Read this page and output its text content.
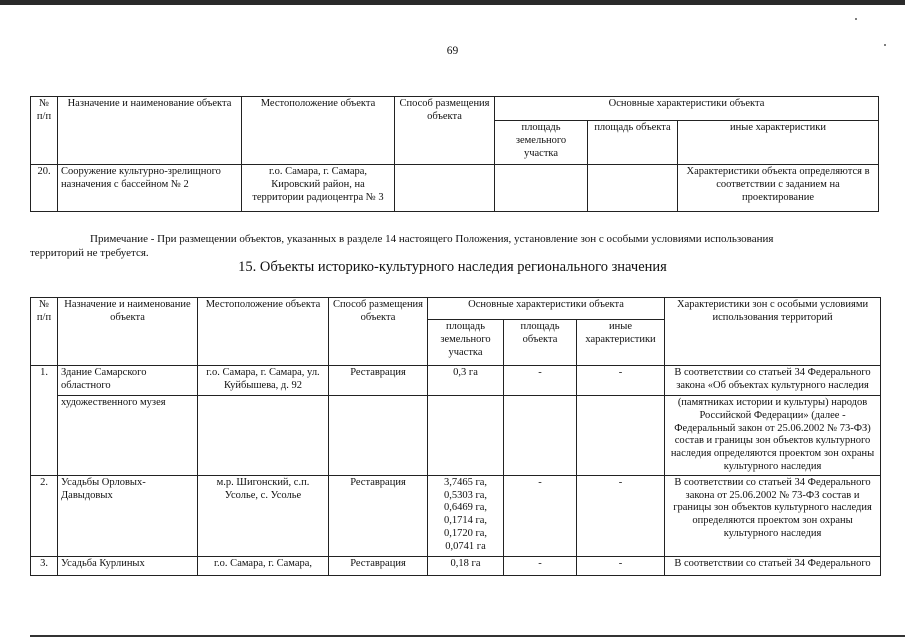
69
№ п/п	Назначение и наименование объекта	Местоположение объекта	Способ размещения объекта	Основные характеристики объекта		
				площадь земельного участка	площадь объекта	иные характеристики
20.	Сооружение культурно-зрелищного назначения с бассейном № 2	г.о. Самара, г. Самара, Кировский район, на территории радиоцентра № 3				Характеристики объекта определяются в соответствии с заданием на проектирование
Примечание - При размещении объектов, указанных в разделе 14 настоящего Положения, установление зон с особыми условиями использования
территорий не требуется.
15. Объекты историко-культурного наследия регионального значения
№ п/п	Назначение и наименование объекта	Местоположение объекта	Способ размещения объекта	Основные характеристики объекта			Характеристики зон с особыми условиями использования территорий
				площадь земельного участка	площадь объекта	иные характеристики	
1.	Здание Самарского областного	г.о. Самара, г. Самара, ул. Куйбышева, д. 92	Реставрация	0,3 га	-	-	В соответствии со статьей 34 Федерального закона «Об объектах культурного наследия
	художественного музея						(памятниках истории и культуры) народов Российской Федерации» (далее - Федеральный закон от 25.06.2002 № 73-ФЗ) состав и границы зон объектов культурного наследия определяются проектом зон охраны культурного наследия
2.	Усадьбы Орловых-Давыдовых	м.р. Шигонский, с.п. Усолье, с. Усолье	Реставрация	3,7465 га, 0,5303 га, 0,6469 га, 0,1714 га, 0,1720 га, 0,0741 га	-	-	В соответствии со статьей 34 Федерального закона от 25.06.2002 № 73-ФЗ состав и границы зон объектов культурного наследия определяются проектом зон охраны культурного наследия
3.	Усадьба Курлиных	г.о. Самара, г. Самара,	Реставрация	0,18 га	-	-	В соответствии со статьей 34 Федерального
